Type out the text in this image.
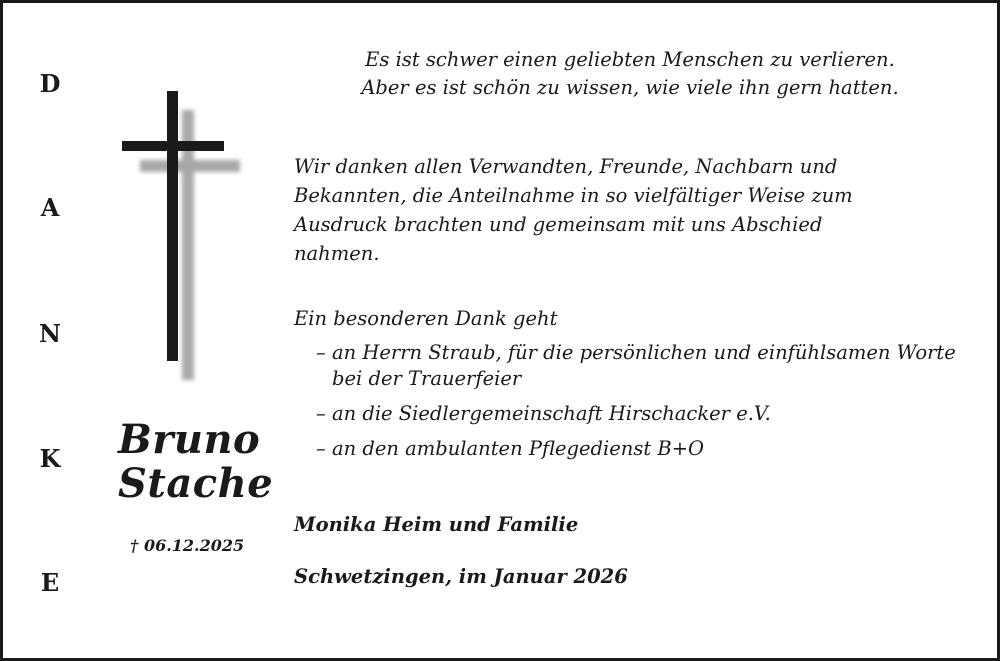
D
A
N
K
E
Bruno
Stache
† 06.12.2025
Es ist schwer einen geliebten Menschen zu verlieren.
Aber es ist schön zu wissen, wie viele ihn gern hatten.
Wir danken allen Verwandten, Freunde, Nachbarn und
Bekannten, die Anteilnahme in so vielfältiger Weise zum
Ausdruck brachten und gemeinsam mit uns Abschied
nahmen.
Ein besonderen Dank geht
– an Herrn Straub, für die persönlichen und einfühlsamen Worte bei der Trauerfeier
– an die Siedlergemeinschaft Hirschacker e.V.
– an den ambulanten Pflegedienst B+O
Monika Heim und Familie
Schwetzingen, im Januar 2026
